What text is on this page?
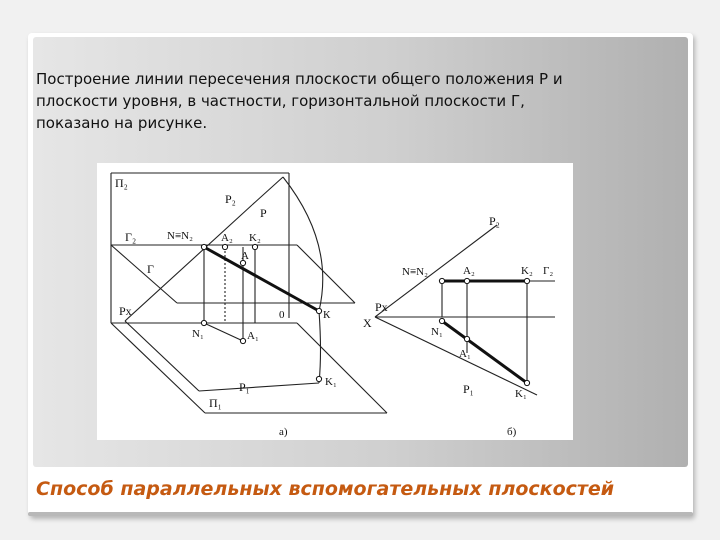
Построение линии пересечения плоскости общего положения Р и
плоскости уровня, в частности, горизонтальной плоскости Г,
показано на рисунке.
П₂
Р₂
Р
Г₂	N≡N₂	A₂ K₂
A
Г
Рх	0	К
N₁	A₁
K₁
Р₁
П₁
а)
Р₂
N≡N₂	A₂	K₂ Г₂
Рх
X
N₁
A₁
Р₁	K₁
б)
Способ параллельных вспомогательных плоскостей
